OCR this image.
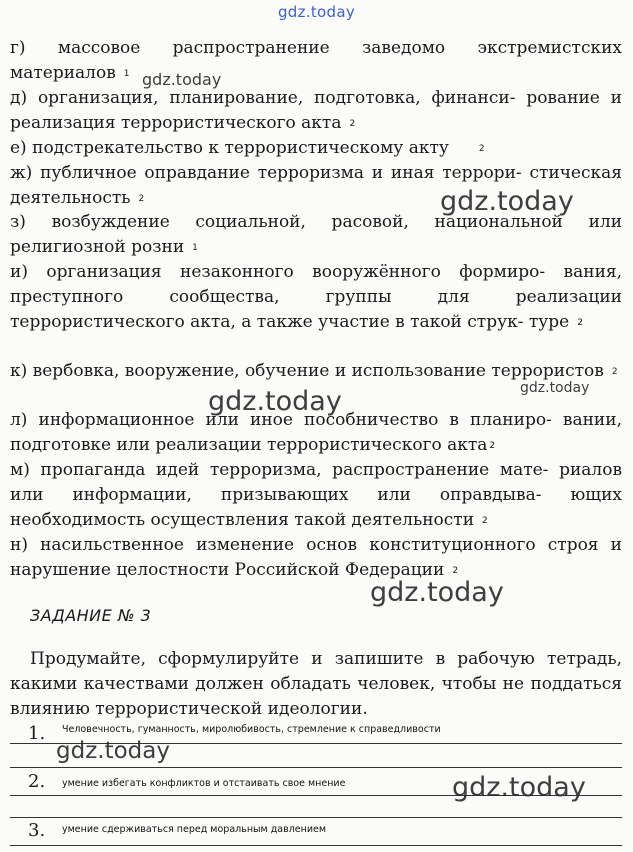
gdz.today
г) массовое распространение заведомо экстремистских материалов 1
д) организация, планирование, подготовка, финанси- рование и реализация террористического акта 2
е) подстрекательство к террористическому акту	2
ж) публичное оправдание терроризма и иная террори- стическая деятельность 2
з) возбуждение социальной, расовой, национальной или религиозной розни 1
и) организация незаконного вооружённого формиро- вания, преступного сообщества, группы для реализации террористического акта, а также участие в такой струк- туре 2
к) вербовка, вооружение, обучение и использование террористов 2
л) информационное или иное пособничество в планиро- вании, подготовке или реализации террористического акта 2
м) пропаганда идей терроризма, распространение мате- риалов или информации, призывающих или оправдыва- ющих необходимость осуществления такой деятельности 2
н) насильственное изменение основ конституционного строя и нарушение целостности Российской Федерации 2
ЗАДАНИЕ № 3
Продумайте, сформулируйте и запишите в рабочую тетрадь, какими качествами должен обладать человек, чтобы не поддаться влиянию террористической идеологии.
1. Человечность, гуманность, миролюбивость, стремление к справедливости
2. умение избегать конфликтов и отстаивать свое мнение
3. умение сдерживаться перед моральным давлением
gdz.today
gdz.today
gdz.today
gdz.today
gdz.today
gdz.today
gdz.today
